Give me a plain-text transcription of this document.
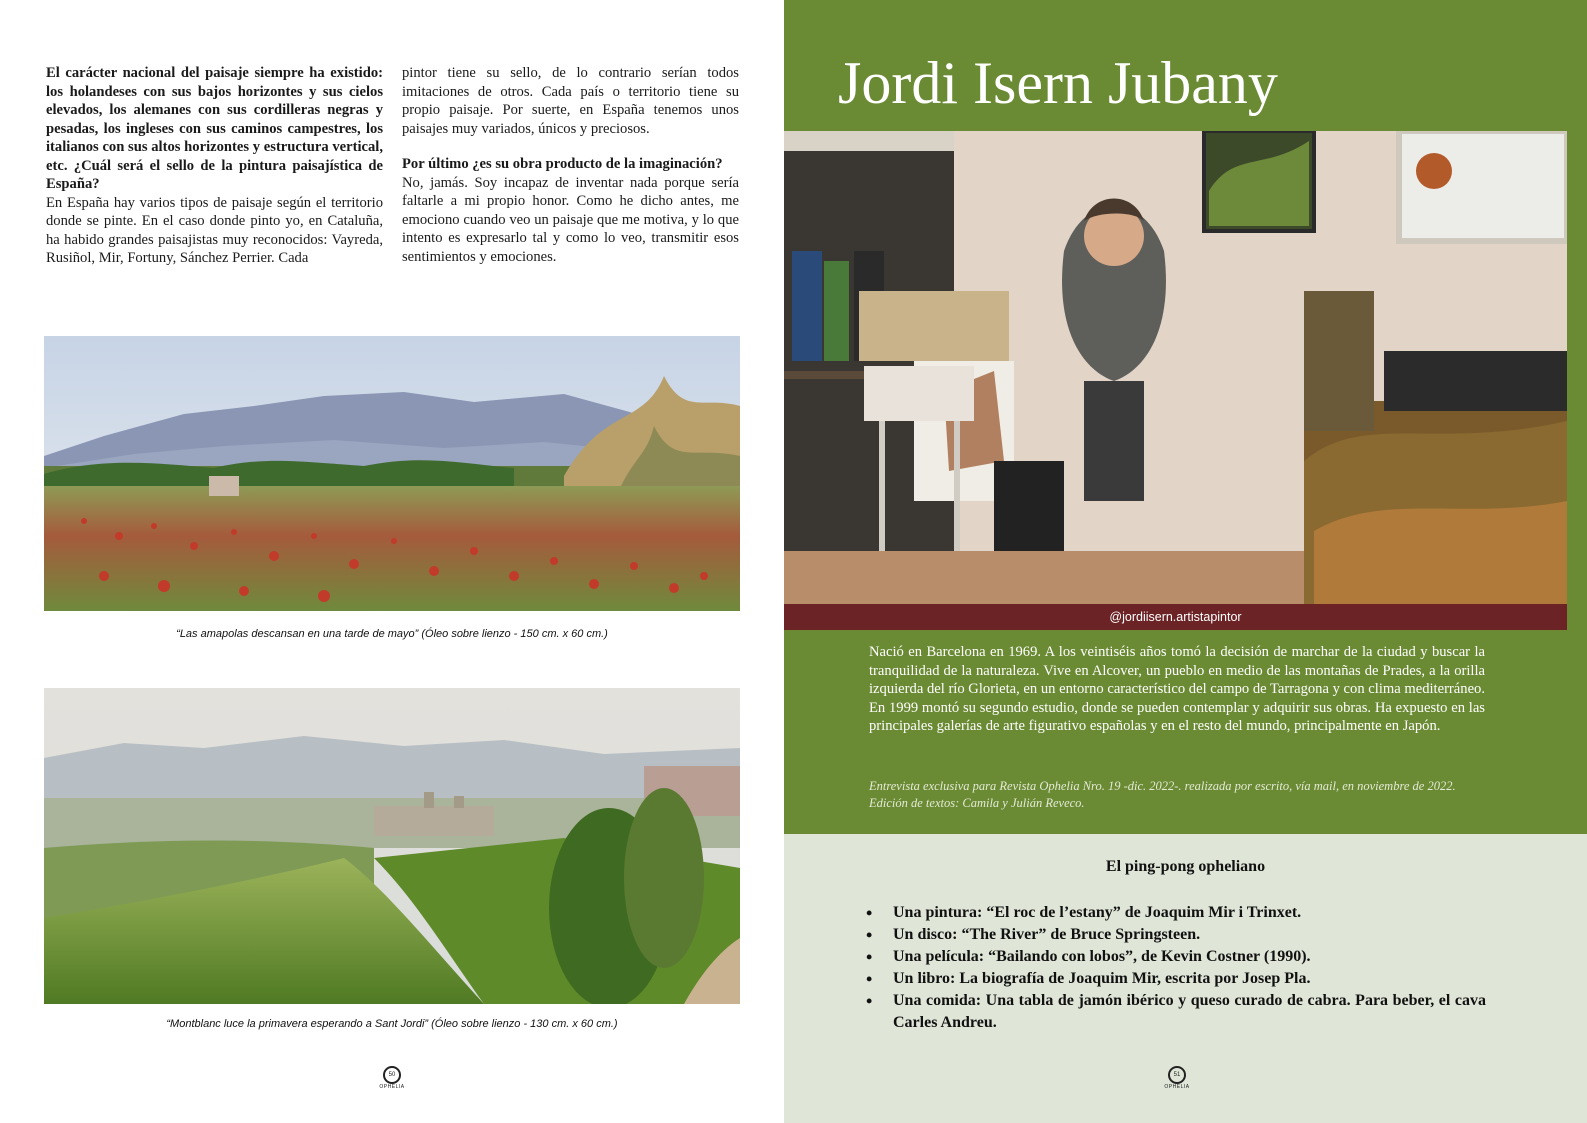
El carácter nacional del paisaje siempre ha existido: los holandeses con sus bajos horizontes y sus cielos elevados, los alemanes con sus cordilleras negras y pesadas, los ingleses con sus caminos campestres, los italianos con sus altos horizontes y estructura vertical, etc. ¿Cuál será el sello de la pintura paisajística de España?

En España hay varios tipos de paisaje según el territorio donde se pinte. En el caso donde pinto yo, en Cataluña, ha habido grandes paisajistas muy reconocidos: Vayreda, Rusiñol, Mir, Fortuny, Sánchez Perrier. Cada

pintor tiene su sello, de lo contrario serían todos imitaciones de otros. Cada país o territorio tiene su propio paisaje. Por suerte, en España tenemos unos paisajes muy variados, únicos y preciosos.

Por último ¿es su obra producto de la imaginación?

No, jamás. Soy incapaz de inventar nada porque sería faltarle a mi propio honor. Como he dicho antes, me emociono cuando veo un paisaje que me motiva, y lo que intento es expresarlo tal y como lo veo, transmitir esos sentimientos y emociones.

“Las amapolas descansan en una tarde de mayo” (Óleo sobre lienzo - 150 cm. x 60 cm.)
“Montblanc luce la primavera esperando a Sant Jordi” (Óleo sobre lienzo - 130 cm. x 60 cm.)
50
OPHELIA
Jordi Isern Jubany
@jordiisern.artistapintor
Nació en Barcelona en 1969. A los veintiséis años tomó la decisión de marchar de la ciudad y buscar la tranquilidad de la naturaleza. Vive en Alcover, un pueblo en medio de las montañas de Prades, a la orilla izquierda del río Glorieta, en un entorno característico del campo de Tarragona y con clima mediterráneo. En 1999 montó su segundo estudio, donde se pueden contemplar y adquirir sus obras. Ha expuesto en las principales galerías de arte figurativo españolas y en el resto del mundo, principalmente en Japón.
Entrevista exclusiva para Revista Ophelia Nro. 19 -dic. 2022-. realizada por escrito, vía mail, en noviembre de 2022. Edición de textos: Camila y Julián Reveco.
El ping-pong opheliano
• Una pintura: “El roc de l’estany” de Joaquim Mir i Trinxet.
• Un disco: “The River” de Bruce Springsteen.
• Una película: “Bailando con lobos”, de Kevin Costner (1990).
• Un libro: La biografía de Joaquim Mir, escrita por Josep Pla.
• Una comida: Una tabla de jamón ibérico y queso curado de cabra. Para beber, el cava Carles Andreu.
51
OPHELIA
